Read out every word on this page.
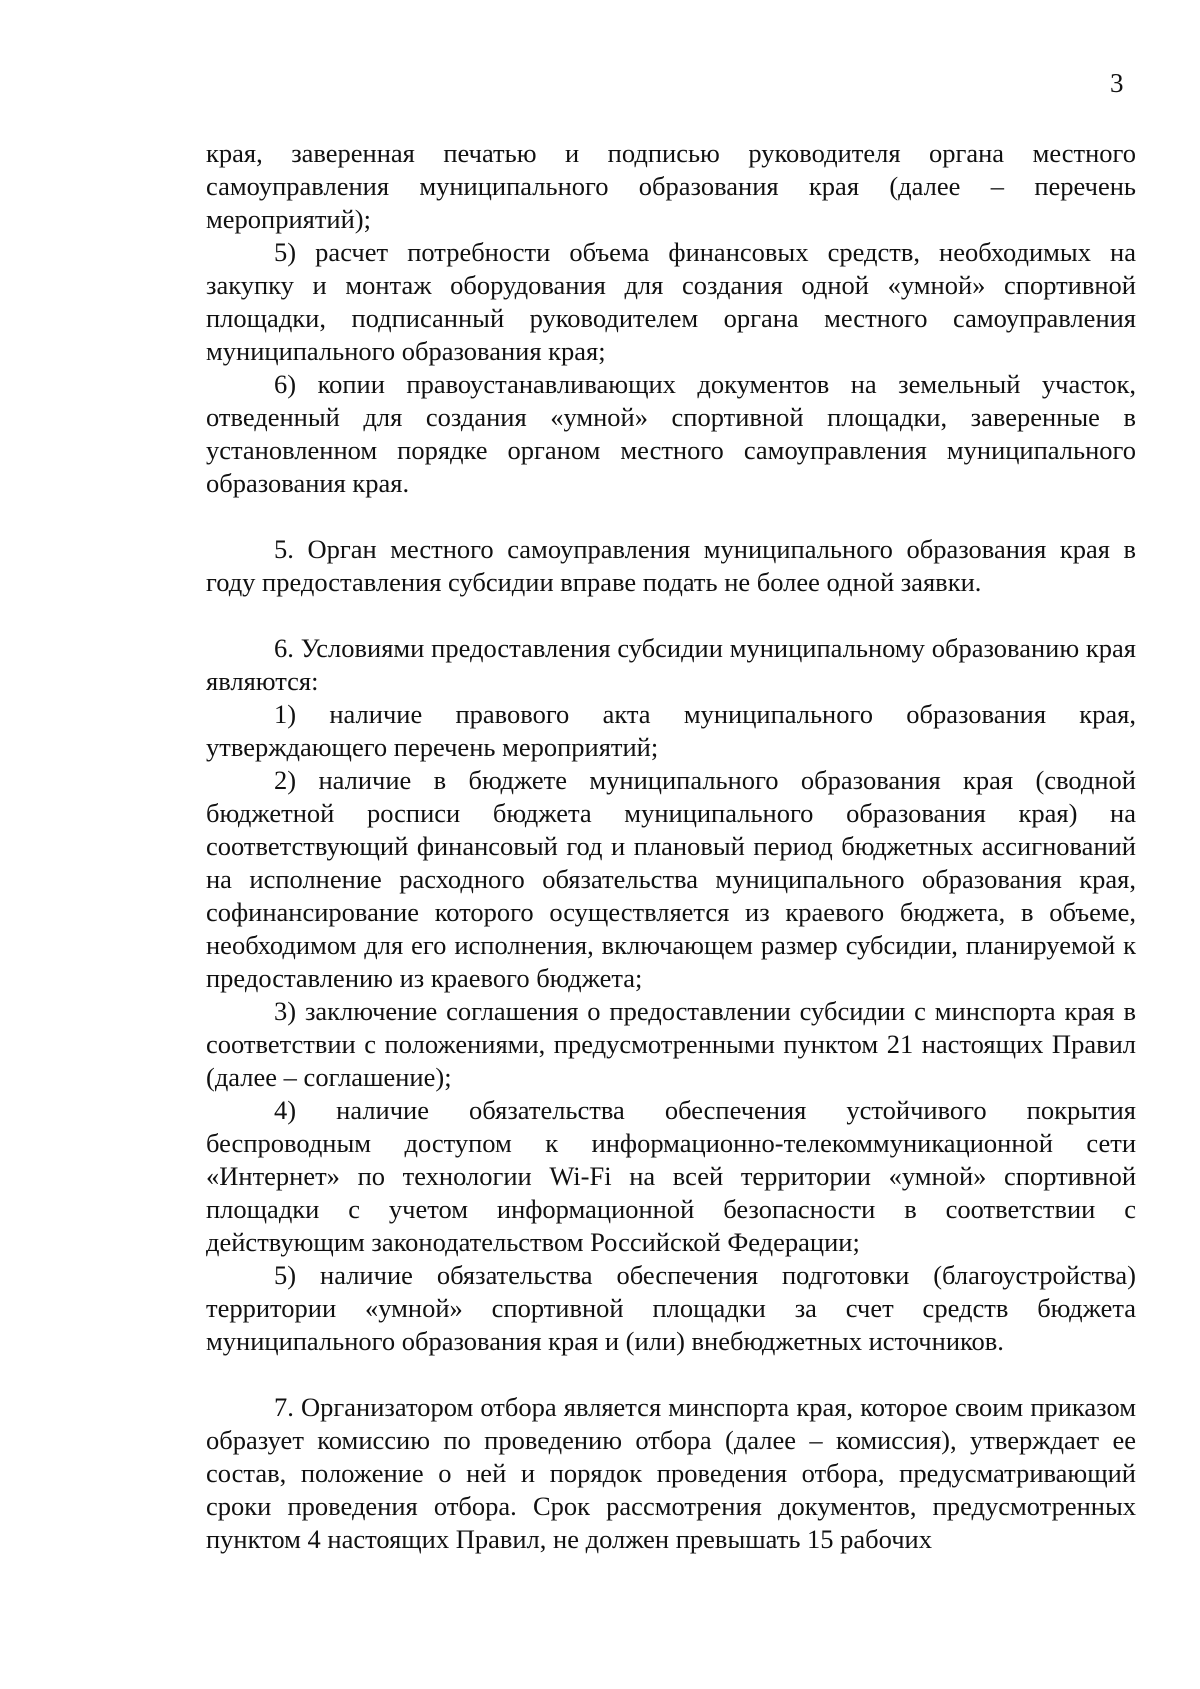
3

края, заверенная печатью и подписью руководителя органа местного самоуправления муниципального образования края (далее – перечень мероприятий);

5) расчет потребности объема финансовых средств, необходимых на закупку и монтаж оборудования для создания одной «умной» спортивной площадки, подписанный руководителем органа местного самоуправления муниципального образования края;

6) копии правоустанавливающих документов на земельный участок, отведенный для создания «умной» спортивной площадки, заверенные в установленном порядке органом местного самоуправления муниципального образования края.

5. Орган местного самоуправления муниципального образования края в году предоставления субсидии вправе подать не более одной заявки.

6. Условиями предоставления субсидии муниципальному образованию края являются:

1) наличие правового акта муниципального образования края, утверждающего перечень мероприятий;

2) наличие в бюджете муниципального образования края (сводной бюджетной росписи бюджета муниципального образования края) на соответствующий финансовый год и плановый период бюджетных ассигнований на исполнение расходного обязательства муниципального образования края, софинансирование которого осуществляется из краевого бюджета, в объеме, необходимом для его исполнения, включающем размер субсидии, планируемой к предоставлению из краевого бюджета;

3) заключение соглашения о предоставлении субсидии с минспорта края в соответствии с положениями, предусмотренными пунктом 21 настоящих Правил (далее – соглашение);

4) наличие обязательства обеспечения устойчивого покрытия беспроводным доступом к информационно-телекоммуникационной сети «Интернет» по технологии Wi-Fi на всей территории «умной» спортивной площадки с учетом информационной безопасности в соответствии с действующим законодательством Российской Федерации;

5) наличие обязательства обеспечения подготовки (благоустройства) территории «умной» спортивной площадки за счет средств бюджета муниципального образования края и (или) внебюджетных источников.

7. Организатором отбора является минспорта края, которое своим приказом образует комиссию по проведению отбора (далее – комиссия), утверждает ее состав, положение о ней и порядок проведения отбора, предусматривающий сроки проведения отбора. Срок рассмотрения документов, предусмотренных пунктом 4 настоящих Правил, не должен превышать 15 рабочих
